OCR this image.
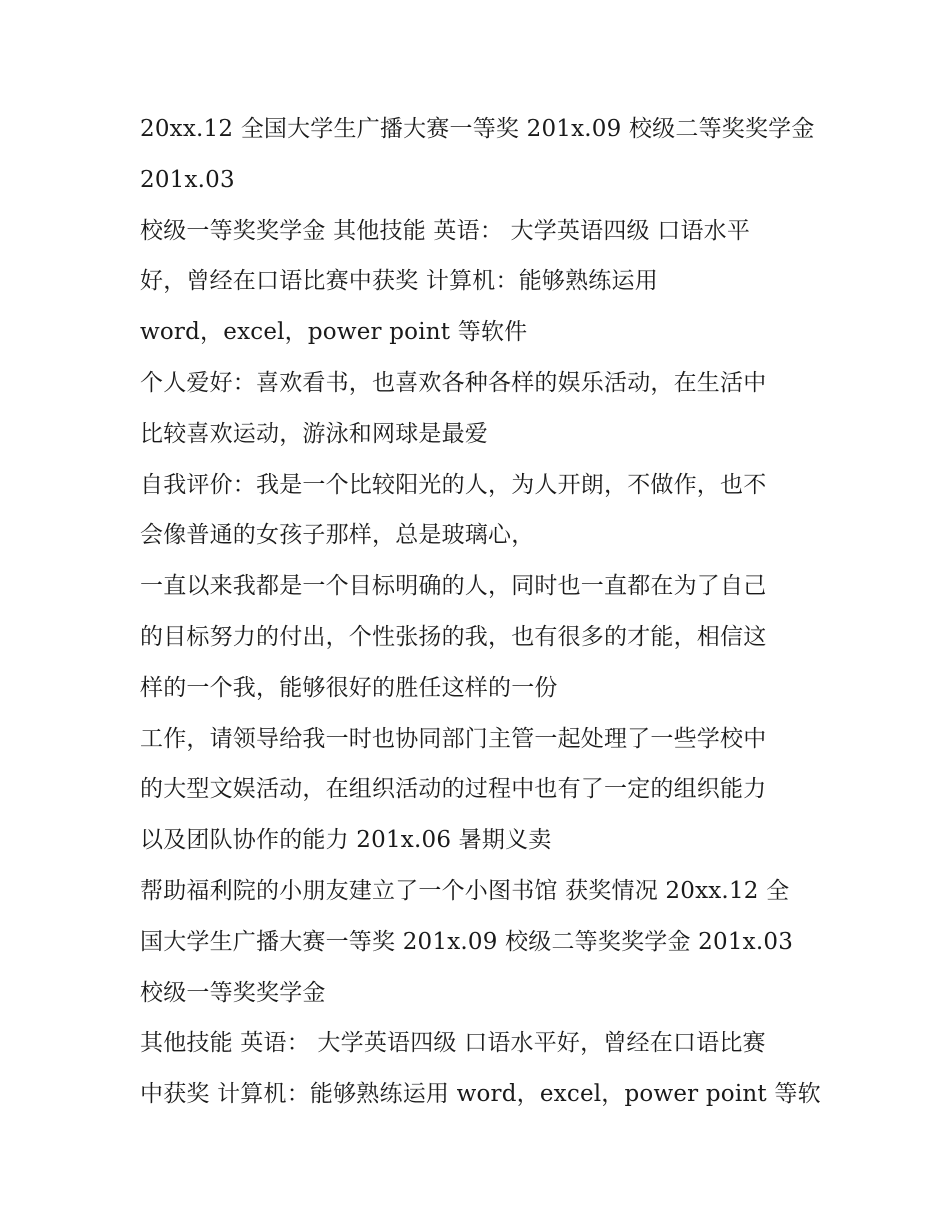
20xx.12 全国大学生广播大赛一等奖 201x.09 校级二等奖奖学金
201x.03
校级一等奖奖学金 其他技能 英语： 大学英语四级 口语水平
好，曾经在口语比赛中获奖 计算机：能够熟练运用
word，excel，power point 等软件
个人爱好：喜欢看书，也喜欢各种各样的娱乐活动，在生活中
比较喜欢运动，游泳和网球是最爱
自我评价：我是一个比较阳光的人，为人开朗，不做作，也不
会像普通的女孩子那样，总是玻璃心，
一直以来我都是一个目标明确的人，同时也一直都在为了自己
的目标努力的付出，个性张扬的我，也有很多的才能，相信这
样的一个我，能够很好的胜任这样的一份
工作，请领导给我一时也协同部门主管一起处理了一些学校中
的大型文娱活动，在组织活动的过程中也有了一定的组织能力
以及团队协作的能力 201x.06 暑期义卖
帮助福利院的小朋友建立了一个小图书馆 获奖情况 20xx.12 全
国大学生广播大赛一等奖 201x.09 校级二等奖奖学金 201x.03
校级一等奖奖学金
其他技能 英语： 大学英语四级 口语水平好，曾经在口语比赛
中获奖 计算机：能够熟练运用 word，excel，power point 等软
